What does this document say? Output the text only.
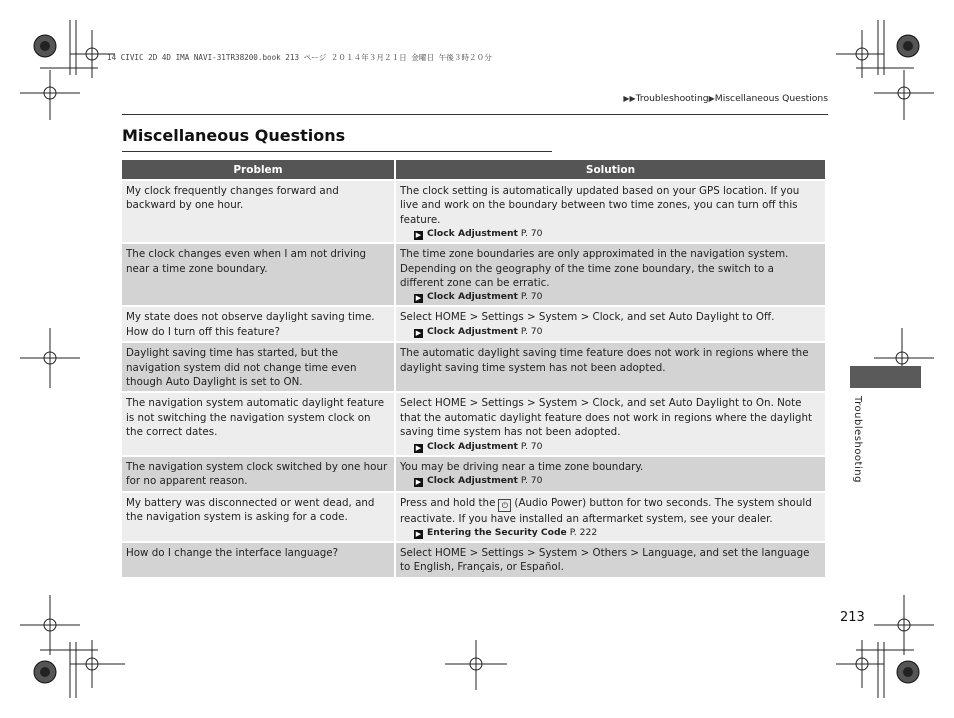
14 CIVIC 2D 4D IMA NAVI-31TR38200.book 213 ページ ２０１４年３月２１日 金曜日 午後３時２０分
▶▶Troubleshooting▶Miscellaneous Questions
Miscellaneous Questions
Problem	Solution
My clock frequently changes forward and backward by one hour.	The clock setting is automatically updated based on your GPS location. If you live and work on the boundary between two time zones, you can turn off this feature.
▶ Clock Adjustment P. 70

The clock changes even when I am not driving near a time zone boundary.	The time zone boundaries are only approximated in the navigation system. Depending on the geography of the time zone boundary, the switch to a different zone can be erratic.
▶ Clock Adjustment P. 70

My state does not observe daylight saving time. How do I turn off this feature?	Select HOME > Settings > System > Clock, and set Auto Daylight to Off.
▶ Clock Adjustment P. 70

Daylight saving time has started, but the navigation system did not change time even though Auto Daylight is set to ON.	The automatic daylight saving time feature does not work in regions where the daylight saving time system has not been adopted.
The navigation system automatic daylight feature is not switching the navigation system clock on the correct dates.	Select HOME > Settings > System > Clock, and set Auto Daylight to On. Note that the automatic daylight feature does not work in regions where the daylight saving time system has not been adopted.
▶ Clock Adjustment P. 70

The navigation system clock switched by one hour for no apparent reason.	You may be driving near a time zone boundary.
▶ Clock Adjustment P. 70

My battery was disconnected or went dead, and the navigation system is asking for a code.	Press and hold the ⏻ (Audio Power) button for two seconds. The system should reactivate. If you have installed an aftermarket system, see your dealer.
▶ Entering the Security Code P. 222

How do I change the interface language?	Select HOME > Settings > System > Others > Language, and set the language to English, Français, or Español.
Troubleshooting
213
